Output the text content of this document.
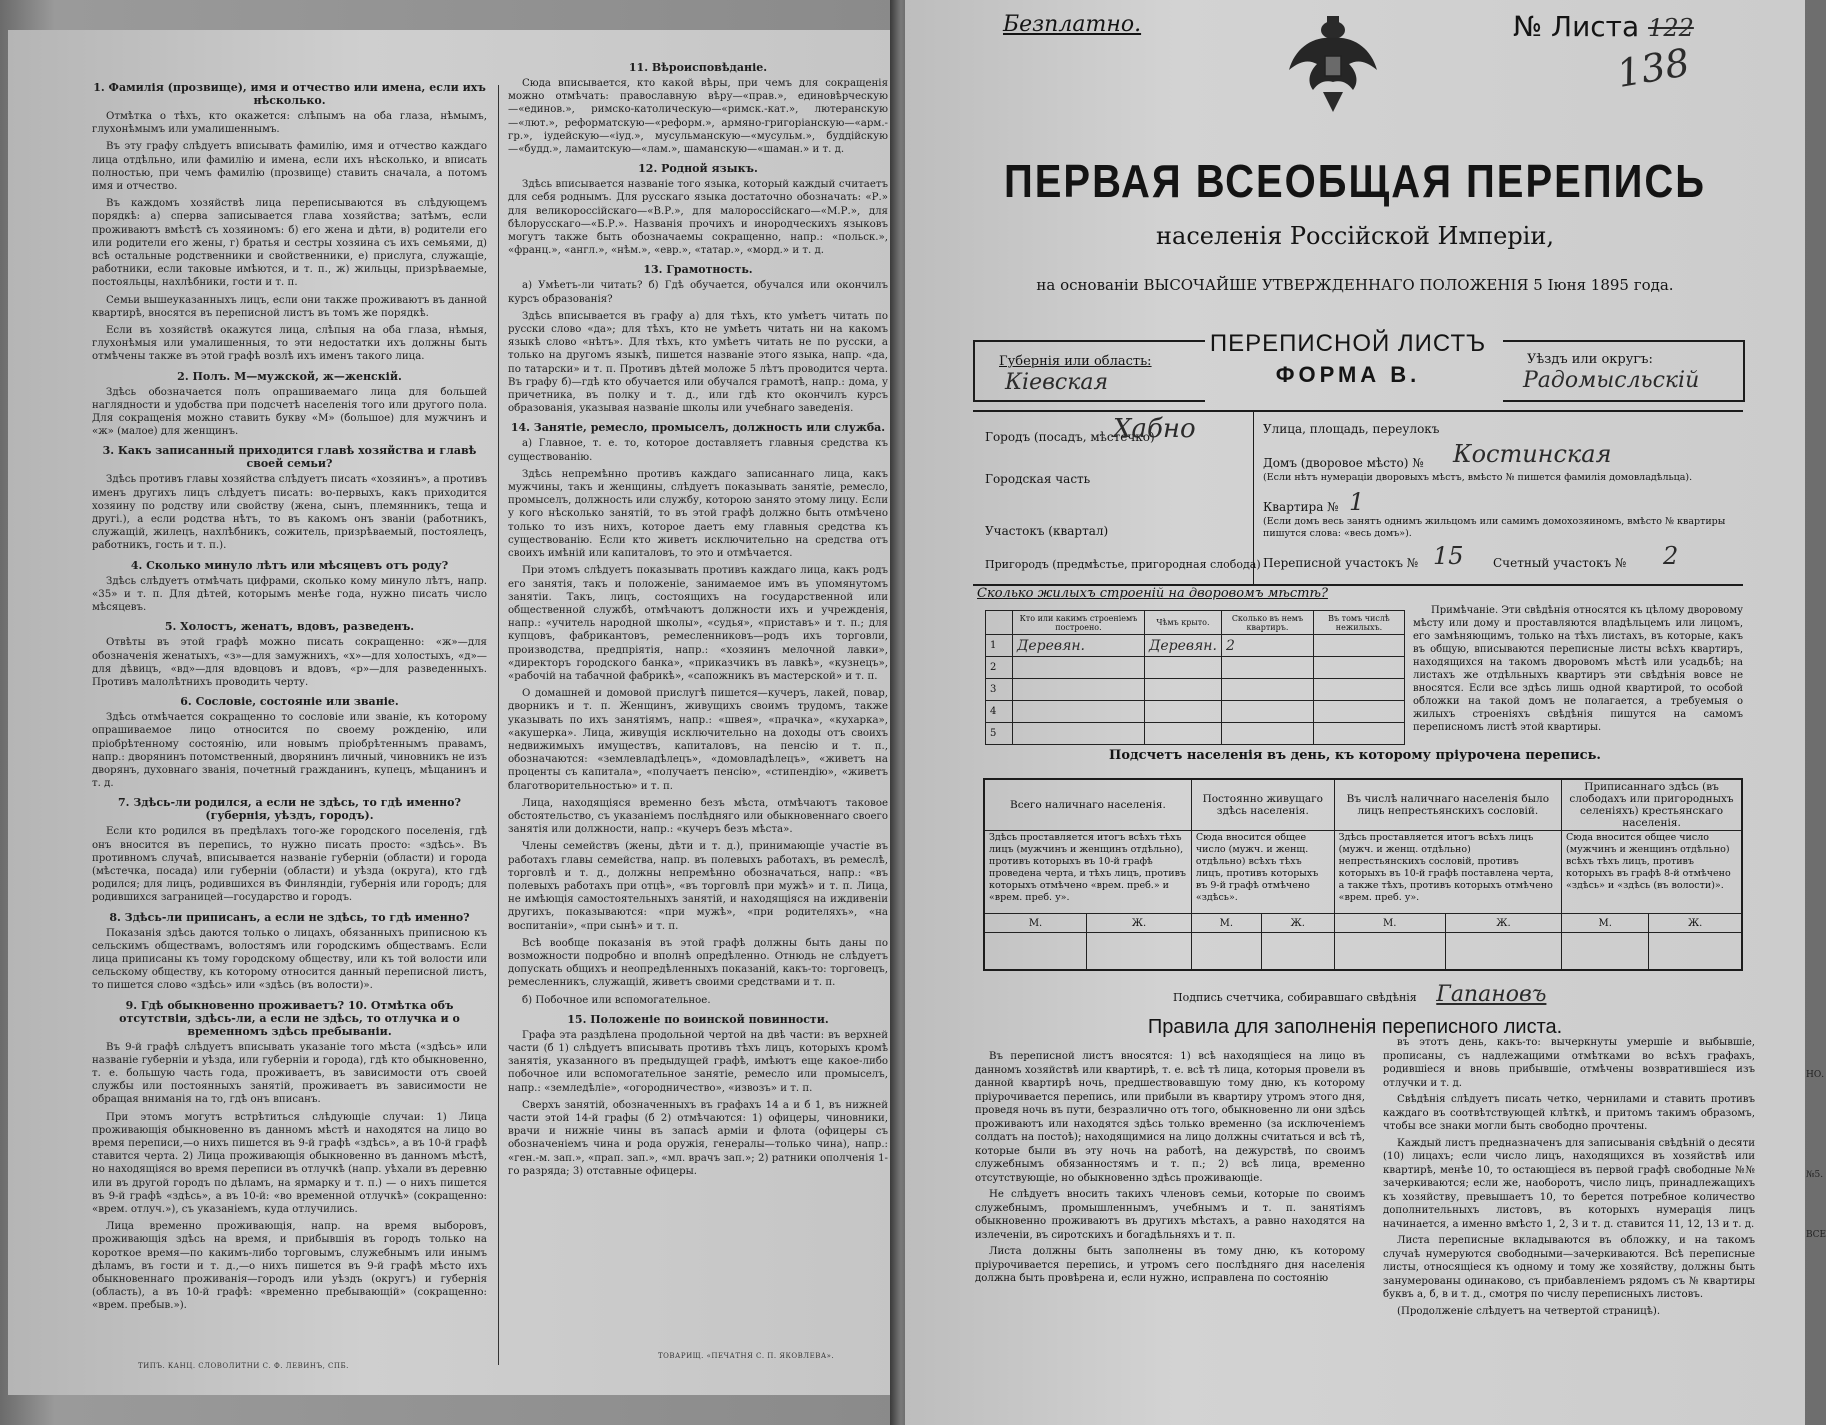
1. Фамилія (прозвище), имя и отчество или имена, если ихъ нѣсколько.

Отмѣтка о тѣхъ, кто окажется: слѣпымъ на оба глаза, нѣмымъ, глухонѣмымъ или умалишеннымъ.

Въ эту графу слѣдуетъ вписывать фамилію, имя и отчество каждаго лица отдѣльно, или фамилію и имена, если ихъ нѣсколько, и вписать полностью, при чемъ фамилію (прозвище) ставить сначала, а потомъ имя и отчество.

Въ каждомъ хозяйствѣ лица переписываются въ слѣдующемъ порядкѣ: а) сперва записывается глава хозяйства; затѣмъ, если проживаютъ вмѣстѣ съ хозяиномъ: б) его жена и дѣти, в) родители его или родители его жены, г) братья и сестры хозяина съ ихъ семьями, д) всѣ остальные родственники и свойственники, е) прислуга, служащіе, работники, если таковые имѣются, и т. п., ж) жильцы, призрѣваемые, постояльцы, нахлѣбники, гости и т. п.

Семьи вышеуказанныхъ лицъ, если они также проживаютъ въ данной квартирѣ, вносятся въ переписной листъ въ томъ же порядкѣ.

Если въ хозяйствѣ окажутся лица, слѣпыя на оба глаза, нѣмыя, глухонѣмыя или умалишенныя, то эти недостатки ихъ должны быть отмѣчены также въ этой графѣ возлѣ ихъ именъ такого лица.

2. Полъ. М—мужской, ж—женскій.

Здѣсь обозначается полъ опрашиваемаго лица для большей наглядности и удобства при подсчетѣ населенія того или другого пола. Для сокращенія можно ставить букву «М» (большое) для мужчинъ и «ж» (малое) для женщинъ.

3. Какъ записанный приходится главѣ хозяйства и главѣ своей семьи?

Здѣсь противъ главы хозяйства слѣдуетъ писать «хозяинъ», а противъ именъ другихъ лицъ слѣдуетъ писать: во-первыхъ, какъ приходится хозяину по родству или свойству (жена, сынъ, племянникъ, теща и другі.), а если родства нѣтъ, то въ какомъ онъ званіи (работникъ, служащій, жилецъ, нахлѣбникъ, сожитель, призрѣваемый, постоялецъ, работникъ, гость и т. п.).

4. Сколько минуло лѣтъ или мѣсяцевъ отъ роду?

Здѣсь слѣдуетъ отмѣчать цифрами, сколько кому минуло лѣтъ, напр. «35» и т. п. Для дѣтей, которымъ менѣе года, нужно писать число мѣсяцевъ.

5. Холостъ, женатъ, вдовъ, разведенъ.

Отвѣты въ этой графѣ можно писать сокращенно: «ж»—для обозначенія женатыхъ, «з»—для замужнихъ, «х»—для холостыхъ, «д»—для дѣвицъ, «вд»—для вдовцовъ и вдовъ, «р»—для разведенныхъ. Противъ малолѣтнихъ проводить черту.

6. Сословіе, состояніе или званіе.

Здѣсь отмѣчается сокращенно то сословіе или званіе, къ которому опрашиваемое лицо относится по своему рожденію, или пріобрѣтенному состоянію, или новымъ пріобрѣтеннымъ правамъ, напр.: дворянинъ потомственный, дворянинъ личный, чиновникъ не изъ дворянъ, духовнаго званія, почетный гражданинъ, купецъ, мѣщанинъ и т. д.

7. Здѣсь-ли родился, а если не здѣсь, то гдѣ именно? (губернія, уѣздъ, городъ).

Если кто родился въ предѣлахъ того-же городского поселенія, гдѣ онъ вносится въ перепись, то нужно писать просто: «здѣсь». Въ противномъ случаѣ, вписывается названіе губерніи (области) и города (мѣстечка, посада) или губерніи (области) и уѣзда (округа), кто гдѣ родился; для лицъ, родившихся въ Финляндіи, губернія или городъ; для родившихся заграницей—государство и городъ.

8. Здѣсь-ли приписанъ, а если не здѣсь, то гдѣ именно?

Показанія здѣсь даются только о лицахъ, обязанныхъ приписною къ сельскимъ обществамъ, волостямъ или городскимъ обществамъ. Если лица приписаны къ тому городскому обществу, или къ той волости или сельскому обществу, къ которому относится данный переписной листъ, то пишется слово «здѣсь» или «здѣсь (въ волости)».

9. Гдѣ обыкновенно проживаетъ? 10. Отмѣтка объ отсутствіи, здѣсь-ли, а если не здѣсь, то отлучка и о временномъ здѣсь пребываніи.

Въ 9-й графѣ слѣдуетъ вписывать указаніе того мѣста («здѣсь» или названіе губерніи и уѣзда, или губерніи и города), гдѣ кто обыкновенно, т. е. большую часть года, проживаетъ, въ зависимости отъ своей службы или постоянныхъ занятій, проживаетъ въ зависимости не обращая вниманія на то, гдѣ онъ вписанъ.

При этомъ могутъ встрѣтиться слѣдующіе случаи: 1) Лица проживающія обыкновенно въ данномъ мѣстѣ и находятся на лицо во время переписи,—о нихъ пишется въ 9-й графѣ «здѣсь», а въ 10-й графѣ ставится черта. 2) Лица проживающія обыкновенно въ данномъ мѣстѣ, но находящіяся во время переписи въ отлучкѣ (напр. уѣхали въ деревню или въ другой городъ по дѣламъ, на ярмарку и т. п.) — о нихъ пишется въ 9-й графѣ «здѣсь», а въ 10-й: «во временной отлучкѣ» (сокращенно: «врем. отлуч.»), съ указаніемъ, куда отлучились.

Лица временно проживающія, напр. на время выборовъ, проживающія здѣсь на время, и прибывшія въ городъ только на короткое время—по какимъ-либо торговымъ, служебнымъ или инымъ дѣламъ, въ гости и т. д.,—о нихъ пишется въ 9-й графѣ мѣсто ихъ обыкновеннаго проживанія—городъ или уѣздъ (округъ) и губернія (область), а въ 10-й графѣ: «временно пребывающій» (сокращенно: «врем. пребыв.»).

11. Вѣроисповѣданіе.

Сюда вписывается, кто какой вѣры, при чемъ для сокращенія можно отмѣчать: православную вѣру—«прав.», единовѣрческую—«единов.», римско-католическую—«римск.-кат.», лютеранскую—«лют.», реформатскую—«реформ.», армяно-григоріанскую—«арм.-гр.», іудейскую—«іуд.», мусульманскую—«мусульм.», буддійскую—«будд.», ламаитскую—«лам.», шаманскую—«шаман.» и т. д.

12. Родной языкъ.

Здѣсь вписывается названіе того языка, который каждый считаетъ для себя роднымъ. Для русскаго языка достаточно обозначать: «Р.» для великороссійскаго—«В.Р.», для малороссійскаго—«М.Р.», для бѣлорусскаго—«Б.Р.». Названія прочихъ и инородческихъ языковъ могутъ также быть обозначаемы сокращенно, напр.: «польск.», «франц.», «англ.», «нѣм.», «евр.», «татар.», «морд.» и т. д.

13. Грамотность.

а) Умѣетъ-ли читать? б) Гдѣ обучается, обучался или окончилъ курсъ образованія?

Здѣсь вписывается въ графу а) для тѣхъ, кто умѣетъ читать по русски слово «да»; для тѣхъ, кто не умѣетъ читать ни на какомъ языкѣ слово «нѣтъ». Для тѣхъ, кто умѣетъ читать не по русски, а только на другомъ языкѣ, пишется названіе этого языка, напр. «да, по татарски» и т. п. Противъ дѣтей моложе 5 лѣтъ проводится черта. Въ графу б)—гдѣ кто обучается или обучался грамотѣ, напр.: дома, у причетника, въ полку и т. д., или гдѣ кто окончилъ курсъ образованія, указывая названіе школы или учебнаго заведенія.

14. Занятіе, ремесло, промыселъ, должность или служба.

а) Главное, т. е. то, которое доставляетъ главныя средства къ существованію.

Здѣсь непремѣнно противъ каждаго записаннаго лица, какъ мужчины, такъ и женщины, слѣдуетъ показывать занятіе, ремесло, промыселъ, должность или службу, которою занято этому лицу. Если у кого нѣсколько занятій, то въ этой графѣ должно быть отмѣчено только то изъ нихъ, которое даетъ ему главныя средства къ существованію. Если кто живетъ исключительно на средства отъ своихъ имѣній или капиталовъ, то это и отмѣчается.

При этомъ слѣдуетъ показывать противъ каждаго лица, какъ родъ его занятія, такъ и положеніе, занимаемое имъ въ упомянутомъ занятіи. Такъ, лицъ, состоящихъ на государственной или общественной службѣ, отмѣчаютъ должности ихъ и учрежденія, напр.: «учитель народной школы», «судья», «приставъ» и т. п.; для купцовъ, фабрикантовъ, ремесленниковъ—родъ ихъ торговли, производства, предпріятія, напр.: «хозяинъ мелочной лавки», «директоръ городского банка», «приказчикъ въ лавкѣ», «кузнецъ», «рабочій на табачной фабрикѣ», «сапожникъ въ мастерской» и т. п.

О домашней и домовой прислугѣ пишется—кучеръ, лакей, повар, дворникъ и т. п. Женщинъ, живущихъ своимъ трудомъ, также указывать по ихъ занятіямъ, напр.: «швея», «прачка», «кухарка», «акушерка». Лица, живущія исключительно на доходы отъ своихъ недвижимыхъ имуществъ, капиталовъ, на пенсію и т. п., обозначаются: «землевладѣлецъ», «домовладѣлецъ», «живетъ на проценты съ капитала», «получаетъ пенсію», «стипендію», «живетъ благотворительностью» и т. п.

Лица, находящіяся временно безъ мѣста, отмѣчаютъ таковое обстоятельство, съ указаніемъ послѣдняго или обыкновеннаго своего занятія или должности, напр.: «кучеръ безъ мѣста».

Члены семействъ (жены, дѣти и т. д.), принимающіе участіе въ работахъ главы семейства, напр. въ полевыхъ работахъ, въ ремеслѣ, торговлѣ и т. д., должны непремѣнно обозначаться, напр.: «въ полевыхъ работахъ при отцѣ», «въ торговлѣ при мужѣ» и т. п. Лица, не имѣющія самостоятельныхъ занятій, и находящіяся на иждивеніи другихъ, показываются: «при мужѣ», «при родителяхъ», «на воспитаніи», «при сынѣ» и т. п.

Всѣ вообще показанія въ этой графѣ должны быть даны по возможности подробно и вполнѣ опредѣленно. Отнюдь не слѣдуетъ допускать общихъ и неопредѣленныхъ показаній, какъ-то: торговецъ, ремесленникъ, служащій, живетъ своими средствами и т. п.

б) Побочное или вспомогательное.

15. Положеніе по воинской повинности.

Графа эта раздѣлена продольной чертой на двѣ части: въ верхней части (б 1) слѣдуетъ вписывать противъ тѣхъ лицъ, которыхъ кромѣ занятія, указанного въ предыдущей графѣ, имѣютъ еще какое-либо побочное или вспомогательное занятіе, ремесло или промыселъ, напр.: «земледѣліе», «огородничество», «извозъ» и т. п.

Сверхъ занятій, обозначенныхъ въ графахъ 14 а и б 1, въ нижней части этой 14-й графы (б 2) отмѣчаются: 1) офицеры, чиновники, врачи и нижніе чины въ запасѣ арміи и флота (офицеры съ обозначеніемъ чина и рода оружія, генералы—только чина), напр.: «ген.-м. зап.», «прап. зап.», «мл. врачъ зап.»; 2) ратники ополченія 1-го разряда; 3) отставные офицеры.

ТИПЪ. КАНЦ. СЛОВОЛИТНИ С. Ф. ЛЕВИНЪ, СПБ.
ТОВАРИЩ. «ПЕЧАТНЯ С. П. ЯКОВЛЕВА».
Безплатно.	№ Листа 122
138
ПЕРВАЯ ВСЕОБЩАЯ ПЕРЕПИСЬ
населенія Россійской Имперіи,
на основаніи ВЫСОЧАЙШЕ УТВЕРЖДЕННАГО ПОЛОЖЕНІЯ 5 Іюня 1895 года.
Губернія или область:
Кіевская
ПЕРЕПИСНОЙ ЛИСТЪ
ФОРМА В.
Уѣздъ или округъ:
Радомысльскій
Городъ (посадъ, мѣстечко)
Хабно
Городская часть
Участокъ (квартал)
Пригородъ (предмѣстье, пригородная слобода)
Улица, площадь, переулокъ
Домъ (дворовое мѣсто) № Костинская
(Если нѣтъ нумераціи дворовыхъ мѣстъ, вмѣсто № пишется фамилія домовладѣльца).
Квартира № 1
(Если домъ весь занятъ однимъ жильцомъ или самимъ домохозяиномъ, вмѣсто № квартиры пишутся слова: «весь домъ»).
Переписной участокъ № 15 Счетный участокъ № 2
Сколько жилыхъ строеній на дворовомъ мѣстѣ?
	Кто или какимъ строеніемъ построено.	Чѣмъ крыто.	Сколько въ немъ квартиръ.	Въ томъ числѣ нежилыхъ.
1	Деревян.	Деревян.	2	
2				
3				
4				
5				
Примѣчаніе. Эти свѣдѣнія относятся къ цѣлому дворовому мѣсту или дому и проставляются владѣльцемъ или лицомъ, его замѣняющимъ, только на тѣхъ листахъ, въ которые, какъ въ общую, вписываются переписные листы всѣхъ квартиръ, находящихся на такомъ дворовомъ мѣстѣ или усадьбѣ; на листахъ же отдѣльныхъ квартиръ эти свѣдѣнія вовсе не вносятся. Если все здѣсь лишь одной квартирой, то особой обложки на такой домъ не полагается, а требуемыя о жилыхъ строеніяхъ свѣдѣнія пишутся на самомъ переписномъ листѣ этой квартиры.
Подсчетъ населенія въ день, къ которому пріурочена перепись.
Всего наличнаго населенія.		Постоянно живущаго здѣсь населенія.		Въ числѣ наличнаго населенія было лицъ непрестьянскихъ сословій.		Приписаннаго здѣсь (въ слободахъ или пригородныхъ селеніяхъ) крестьянскаго населенія.	
Здѣсь проставляется итогъ всѣхъ тѣхъ лицъ (мужчинъ и женщинъ отдѣльно), противъ которыхъ въ 10-й графѣ проведена черта, и тѣхъ лицъ, противъ которыхъ отмѣчено «врем. преб.» и «врем. преб. у».		Сюда вносится общее число (мужч. и женщ. отдѣльно) всѣхъ тѣхъ лицъ, противъ которыхъ въ 9-й графѣ отмѣчено «здѣсь».		Здѣсь проставляется итогъ всѣхъ лицъ (мужч. и женщ. отдѣльно) непрестьянскихъ сословій, противъ которыхъ въ 10-й графѣ поставлена черта, а также тѣхъ, противъ которыхъ отмѣчено «врем. преб. у».		Сюда вносится общее число (мужчинъ и женщинъ отдѣльно) всѣхъ тѣхъ лицъ, противъ которыхъ въ графѣ 8-й отмѣчено «здѣсь» и «здѣсь (въ волости)».	
М.	Ж.	М.	Ж.	М.	Ж.	М.	Ж.

Подпись счетчика, собиравшаго свѣдѣнія Гапановъ
Правила для заполненія переписного листа.

Въ переписной листъ вносятся: 1) всѣ находящіеся на лицо въ данномъ хозяйствѣ или квартирѣ, т. е. всѣ тѣ лица, которыя провели въ данной квартирѣ ночь, предшествовавшую тому дню, къ которому пріурочивается перепись, или прибыли въ квартиру утромъ этого дня, проведя ночь въ пути, безразлично отъ того, обыкновенно ли они здѣсь проживаютъ или находятся здѣсь только временно (за исключеніемъ солдатъ на постоѣ); находящимися на лицо должны считаться и всѣ тѣ, которые были въ эту ночь на работѣ, на дежурствѣ, по своимъ служебнымъ обязанностямъ и т. п.; 2) всѣ лица, временно отсутствующіе, но обыкновенно здѣсь проживающіе.

Не слѣдуетъ вносить такихъ членовъ семьи, которые по своимъ служебнымъ, промышленнымъ, учебнымъ и т. п. занятіямъ обыкновенно проживаютъ въ другихъ мѣстахъ, а равно находятся на излеченіи, въ сиротскихъ и богадѣльняхъ и т. п.

Листа должны быть заполнены въ тому дню, къ которому пріурочивается перепись, и утромъ сего послѣдняго дня населенія должна быть провѣрена и, если нужно, исправлена по состоянію

въ этотъ день, какъ-то: вычеркнуты умершіе и выбывшіе, прописаны, съ надлежащими отмѣтками во всѣхъ графахъ, родившіеся и вновь прибывшіе, отмѣчены возвратившіеся изъ отлучки и т. д.

Свѣдѣнія слѣдуетъ писать четко, чернилами и ставить противъ каждаго въ соотвѣтствующей клѣткѣ, и притомъ такимъ образомъ, чтобы все знаки могли быть свободно прочтены.

Каждый листъ предназначенъ для записыванія свѣдѣній о десяти (10) лицахъ; если число лицъ, находящихся въ хозяйствѣ или квартирѣ, менѣе 10, то остающіеся въ первой графѣ свободные №№ зачеркиваются; если же, наоборотъ, число лицъ, принадлежащихъ къ хозяйству, превышаетъ 10, то берется потребное количество дополнительныхъ листовъ, въ которыхъ нумерація лицъ начинается, а именно вмѣсто 1, 2, 3 и т. д. ставится 11, 12, 13 и т. д.

Листа переписные вкладываются въ обложку, и на такомъ случаѣ нумеруются свободными—зачеркиваются. Всѣ переписные листы, относящіеся къ одному и тому же хозяйству, должны быть занумерованы одинаково, съ прибавленіемъ рядомъ съ № квартиры буквъ а, б, в и т. д., смотря по числу переписныхъ листовъ.

(Продолженіе слѣдуетъ на четвертой страницѣ).

НО.
№5.
ВСЕ
